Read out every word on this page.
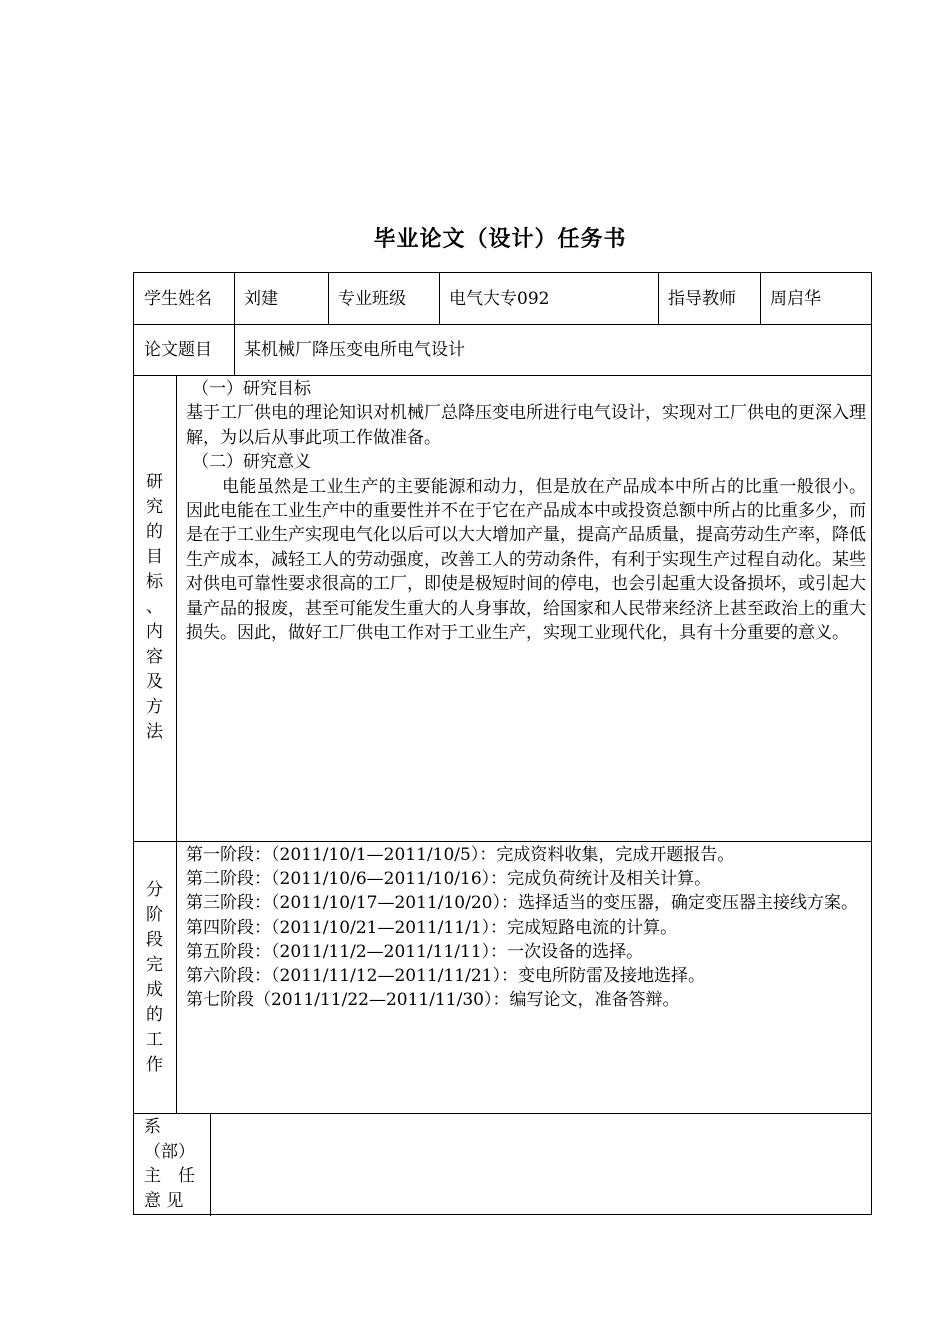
毕业论文（设计）任务书
学生姓名 刘建	专业班级	电气大专092	指导教师 周启华
论文题目 某机械厂降压变电所电气设计
研
究
的
目
标
、
内
容
及
方
法

（一）研究目标

基于工厂供电的理论知识对机械厂总降压变电所进行电气设计，实现对工厂供电的更深入理解，为以后从事此项工作做准备。

（二）研究意义

电能虽然是工业生产的主要能源和动力，但是放在产品成本中所占的比重一般很小。因此电能在工业生产中的重要性并不在于它在产品成本中或投资总额中所占的比重多少，而是在于工业生产实现电气化以后可以大大增加产量，提高产品质量，提高劳动生产率，降低生产成本，减轻工人的劳动强度，改善工人的劳动条件，有利于实现生产过程自动化。某些对供电可靠性要求很高的工厂，即使是极短时间的停电，也会引起重大设备损坏，或引起大量产品的报废，甚至可能发生重大的人身事故，给国家和人民带来经济上甚至政治上的重大损失。因此，做好工厂供电工作对于工业生产，实现工业现代化，具有十分重要的意义。

分
阶
段
完
成
的
工
作

第一阶段：（2011/10/1—2011/10/5）：完成资料收集，完成开题报告。

第二阶段：（2011/10/6—2011/10/16）：完成负荷统计及相关计算。

第三阶段：（2011/10/17—2011/10/20）：选择适当的变压器，确定变压器主接线方案。

第四阶段：（2011/10/21—2011/11/1）：完成短路电流的计算。

第五阶段：（2011/11/2—2011/11/11）：一次设备的选择。

第六阶段：（2011/11/12—2011/11/21）：变电所防雷及接地选择。

第七阶段（2011/11/22—2011/11/30）：编写论文，准备答辩。

系
（部）
主　任
意 见
